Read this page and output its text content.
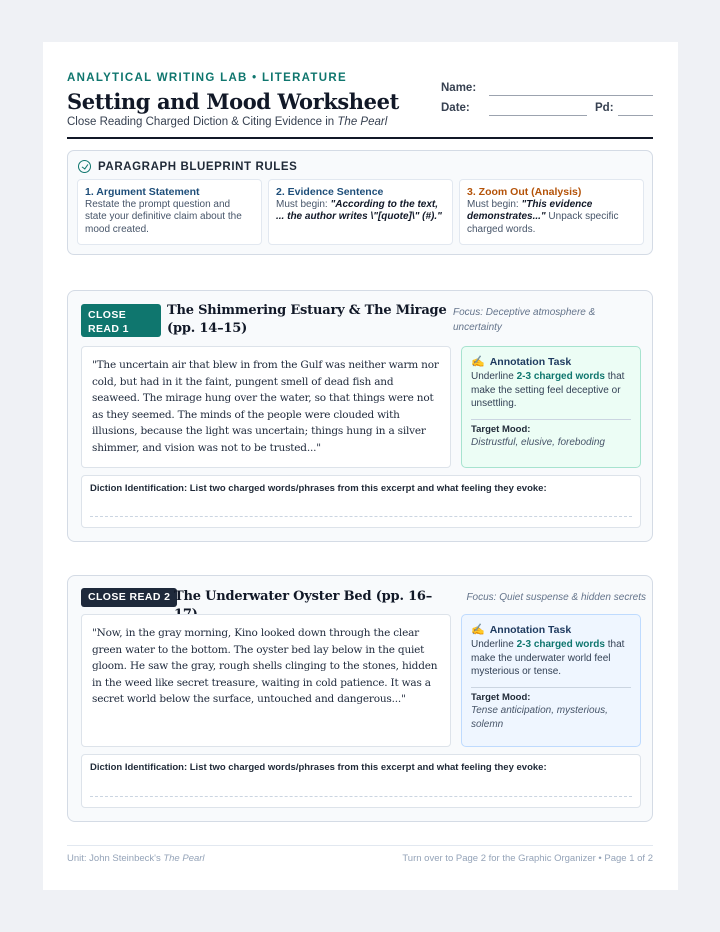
ANALYTICAL WRITING LAB • LITERATURE
Setting and Mood Worksheet
Close Reading Charged Diction & Citing Evidence in The Pearl
Name:
Date:	Pd:
PARAGRAPH BLUEPRINT RULES
1. Argument Statement
Restate the prompt question and state your definitive claim about the mood created.
2. Evidence Sentence
Must begin: "According to the text, ... the author writes \"[quote]\" (#)."
3. Zoom Out (Analysis)
Must begin: "This evidence demonstrates..." Unpack specific charged words.
CLOSE READ 1
The Shimmering Estuary & The Mirage (pp. 14–15)
Focus: Deceptive atmosphere & uncertainty
"The uncertain air that blew in from the Gulf was neither warm nor cold, but had in it the faint, pungent smell of dead fish and seaweed. The mirage hung over the water, so that things were not as they seemed. The minds of the people were clouded with illusions, because the light was uncertain; things hung in a silver shimmer, and vision was not to be trusted..."
✍ Annotation Task
Underline 2-3 charged words that make the setting feel deceptive or unsettling.
Target Mood:
Distrustful, elusive, foreboding
Diction Identification: List two charged words/phrases from this excerpt and what feeling they evoke:
CLOSE READ 2 The Underwater Oyster Bed (pp. 16–	Focus: Quiet suspense & hidden secrets
"Now, in the gray morning, Kino looked down through the clear green water to the bottom. The oyster bed lay below in the quiet gloom. He saw the gray, rough shells clinging to the stones, hidden in the weed like secret treasure, waiting in cold patience. It was a secret world below the surface, untouched and dangerous..."
✍ Annotation Task
Underline 2-3 charged words that make the underwater world feel mysterious or tense.
Target Mood:
Tense anticipation, mysterious, solemn
Diction Identification: List two charged words/phrases from this excerpt and what feeling they evoke:
Unit: John Steinbeck's The Pearl	Turn over to Page 2 for the Graphic Organizer • Page 1 of 2
